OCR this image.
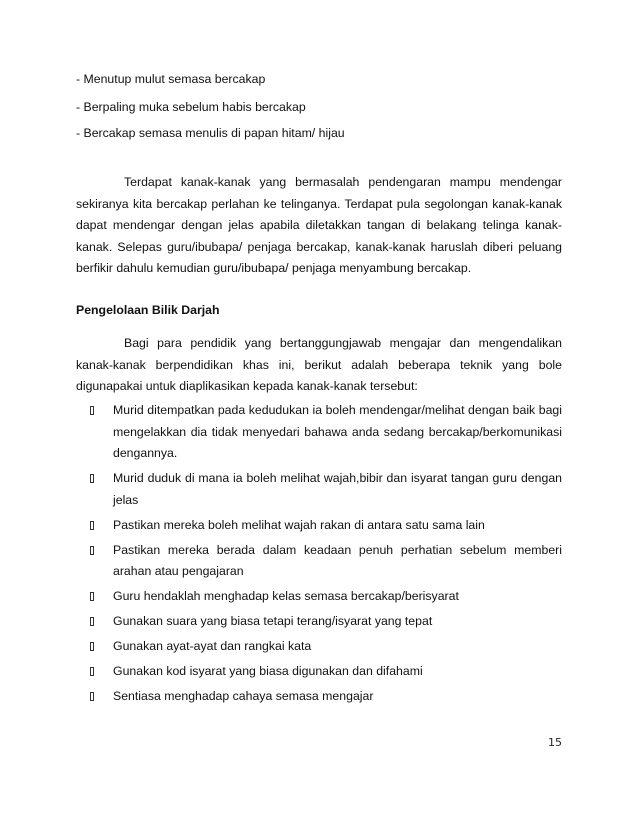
- Menutup mulut semasa bercakap
- Berpaling muka sebelum habis bercakap
- Bercakap semasa menulis di papan hitam/ hijau
Terdapat kanak-kanak yang bermasalah pendengaran mampu mendengar sekiranya kita bercakap perlahan ke telinganya. Terdapat pula segolongan kanak-kanak dapat mendengar dengan jelas apabila diletakkan tangan di belakang telinga kanak-kanak. Selepas guru/ibubapa/ penjaga bercakap, kanak-kanak haruslah diberi peluang berfikir dahulu kemudian guru/ibubapa/ penjaga menyambung bercakap.
Pengelolaan Bilik Darjah
Bagi para pendidik yang bertanggungjawab mengajar dan mengendalikan kanak-kanak berpendidikan khas ini, berikut adalah beberapa teknik yang bole digunapakai untuk diaplikasikan kepada kanak-kanak tersebut:
Murid ditempatkan pada kedudukan ia boleh mendengar/melihat dengan baik bagi mengelakkan dia tidak menyedari bahawa anda sedang bercakap/berkomunikasi dengannya.
Murid duduk di mana ia boleh melihat wajah,bibir dan isyarat tangan guru dengan jelas
Pastikan mereka boleh melihat wajah rakan di antara satu sama lain
Pastikan mereka berada dalam keadaan penuh perhatian sebelum memberi arahan atau pengajaran
Guru hendaklah menghadap kelas semasa bercakap/berisyarat
Gunakan suara yang biasa tetapi terang/isyarat yang tepat
Gunakan ayat-ayat dan rangkai kata
Gunakan kod isyarat yang biasa digunakan dan difahami
Sentiasa menghadap cahaya semasa mengajar
15
